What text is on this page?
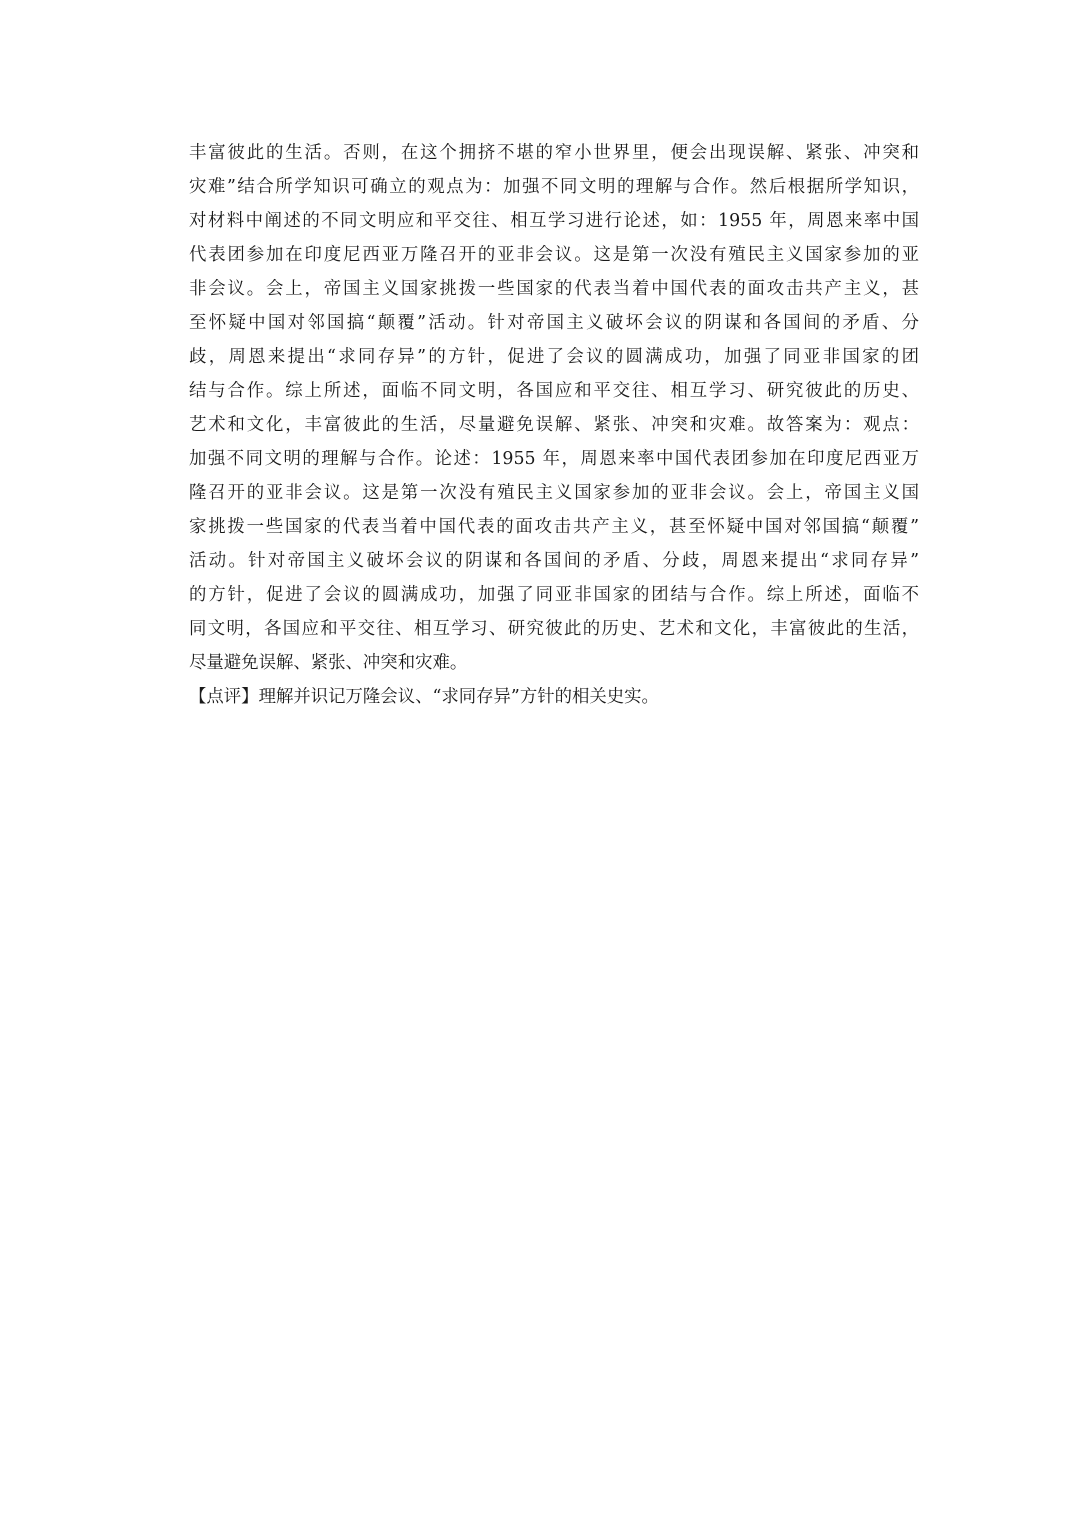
丰富彼此的生活。否则，在这个拥挤不堪的窄小世界里，便会出现误解、紧张、冲突和
灾难”结合所学知识可确立的观点为：加强不同文明的理解与合作。然后根据所学知识，
对材料中阐述的不同文明应和平交往、相互学习进行论述，如：1955 年，周恩来率中国
代表团参加在印度尼西亚万隆召开的亚非会议。这是第一次没有殖民主义国家参加的亚
非会议。会上，帝国主义国家挑拨一些国家的代表当着中国代表的面攻击共产主义，甚
至怀疑中国对邻国搞“颠覆”活动。针对帝国主义破坏会议的阴谋和各国间的矛盾、分
歧，周恩来提出“求同存异”的方针，促进了会议的圆满成功，加强了同亚非国家的团
结与合作。综上所述，面临不同文明，各国应和平交往、相互学习、研究彼此的历史、
艺术和文化，丰富彼此的生活，尽量避免误解、紧张、冲突和灾难。故答案为：观点：
加强不同文明的理解与合作。论述：1955 年，周恩来率中国代表团参加在印度尼西亚万
隆召开的亚非会议。这是第一次没有殖民主义国家参加的亚非会议。会上，帝国主义国
家挑拨一些国家的代表当着中国代表的面攻击共产主义，甚至怀疑中国对邻国搞“颠覆”
活动。针对帝国主义破坏会议的阴谋和各国间的矛盾、分歧，周恩来提出“求同存异”
的方针，促进了会议的圆满成功，加强了同亚非国家的团结与合作。综上所述，面临不
同文明，各国应和平交往、相互学习、研究彼此的历史、艺术和文化，丰富彼此的生活，
尽量避免误解、紧张、冲突和灾难。
【点评】理解并识记万隆会议、“求同存异”方针的相关史实。
